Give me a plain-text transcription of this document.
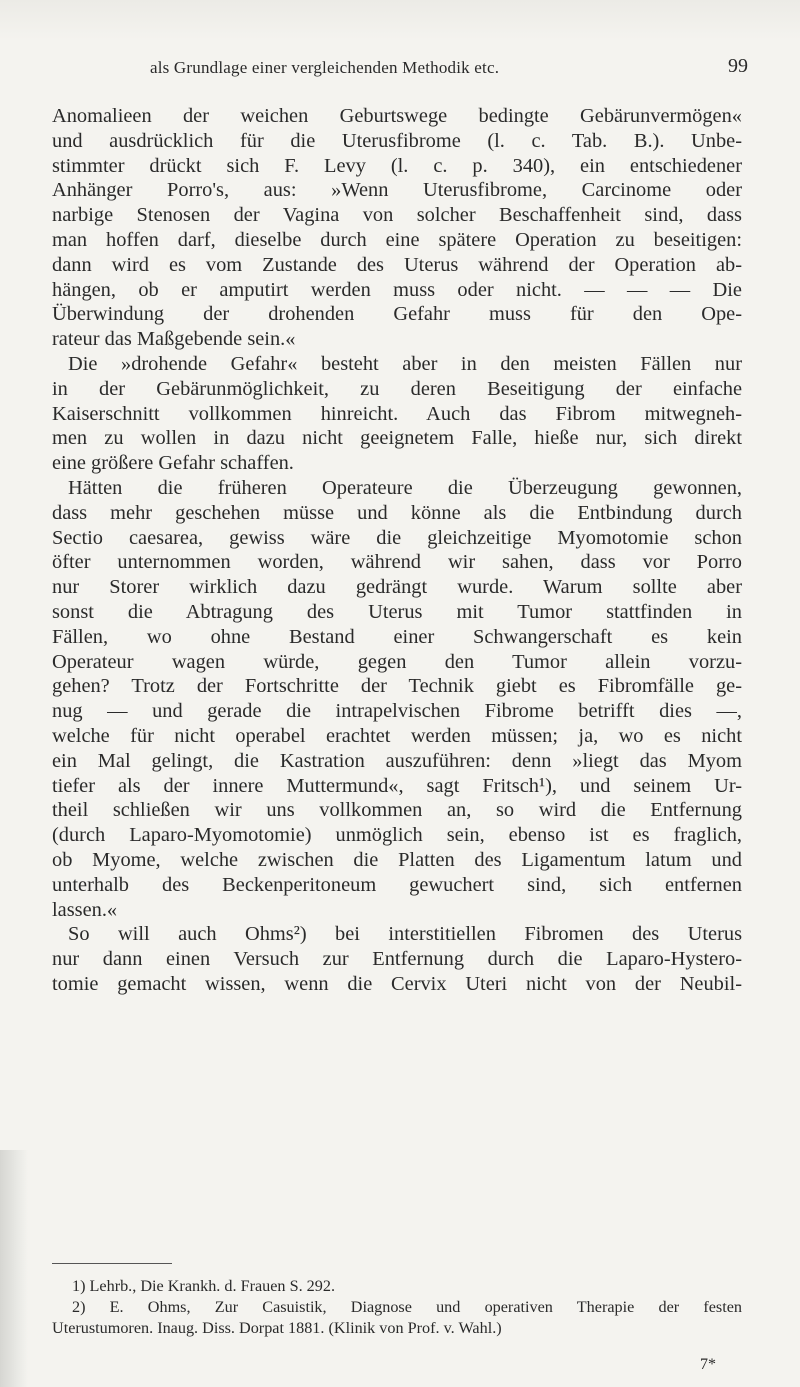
als Grundlage einer vergleichenden Methodik etc.	99
Anomalieen der weichen Geburtswege bedingte Gebärunvermögen«
und ausdrücklich für die Uterusfibrome (l. c. Tab. B.). Unbe-
stimmter drückt sich F. Levy (l. c. p. 340), ein entschiedener
Anhänger Porro's, aus: »Wenn Uterusfibrome, Carcinome oder
narbige Stenosen der Vagina von solcher Beschaffenheit sind, dass
man hoffen darf, dieselbe durch eine spätere Operation zu beseitigen:
dann wird es vom Zustande des Uterus während der Operation ab-
hängen, ob er amputirt werden muss oder nicht. — — — Die
Überwindung der drohenden Gefahr muss für den Ope-
rateur das Maßgebende sein.«
Die »drohende Gefahr« besteht aber in den meisten Fällen nur
in der Gebärunmöglichkeit, zu deren Beseitigung der einfache
Kaiserschnitt vollkommen hinreicht. Auch das Fibrom mitwegneh-
men zu wollen in dazu nicht geeignetem Falle, hieße nur, sich direkt
eine größere Gefahr schaffen.
Hätten die früheren Operateure die Überzeugung gewonnen,
dass mehr geschehen müsse und könne als die Entbindung durch
Sectio caesarea, gewiss wäre die gleichzeitige Myomotomie schon
öfter unternommen worden, während wir sahen, dass vor Porro
nur Storer wirklich dazu gedrängt wurde. Warum sollte aber
sonst die Abtragung des Uterus mit Tumor stattfinden in
Fällen, wo ohne Bestand einer Schwangerschaft es kein
Operateur wagen würde, gegen den Tumor allein vorzu-
gehen? Trotz der Fortschritte der Technik giebt es Fibromfälle ge-
nug — und gerade die intrapelvischen Fibrome betrifft dies —,
welche für nicht operabel erachtet werden müssen; ja, wo es nicht
ein Mal gelingt, die Kastration auszuführen: denn »liegt das Myom
tiefer als der innere Muttermund«, sagt Fritsch¹), und seinem Ur-
theil schließen wir uns vollkommen an, so wird die Entfernung
(durch Laparo-Myomotomie) unmöglich sein, ebenso ist es fraglich,
ob Myome, welche zwischen die Platten des Ligamentum latum und
unterhalb des Beckenperitoneum gewuchert sind, sich entfernen
lassen.«
So will auch Ohms²) bei interstitiellen Fibromen des Uterus
nur dann einen Versuch zur Entfernung durch die Laparo-Hystero-
tomie gemacht wissen, wenn die Cervix Uteri nicht von der Neubil-
1) Lehrb., Die Krankh. d. Frauen S. 292.
2) E. Ohms, Zur Casuistik, Diagnose und operativen Therapie der festen
Uterustumoren. Inaug. Diss. Dorpat 1881. (Klinik von Prof. v. Wahl.)
7*
